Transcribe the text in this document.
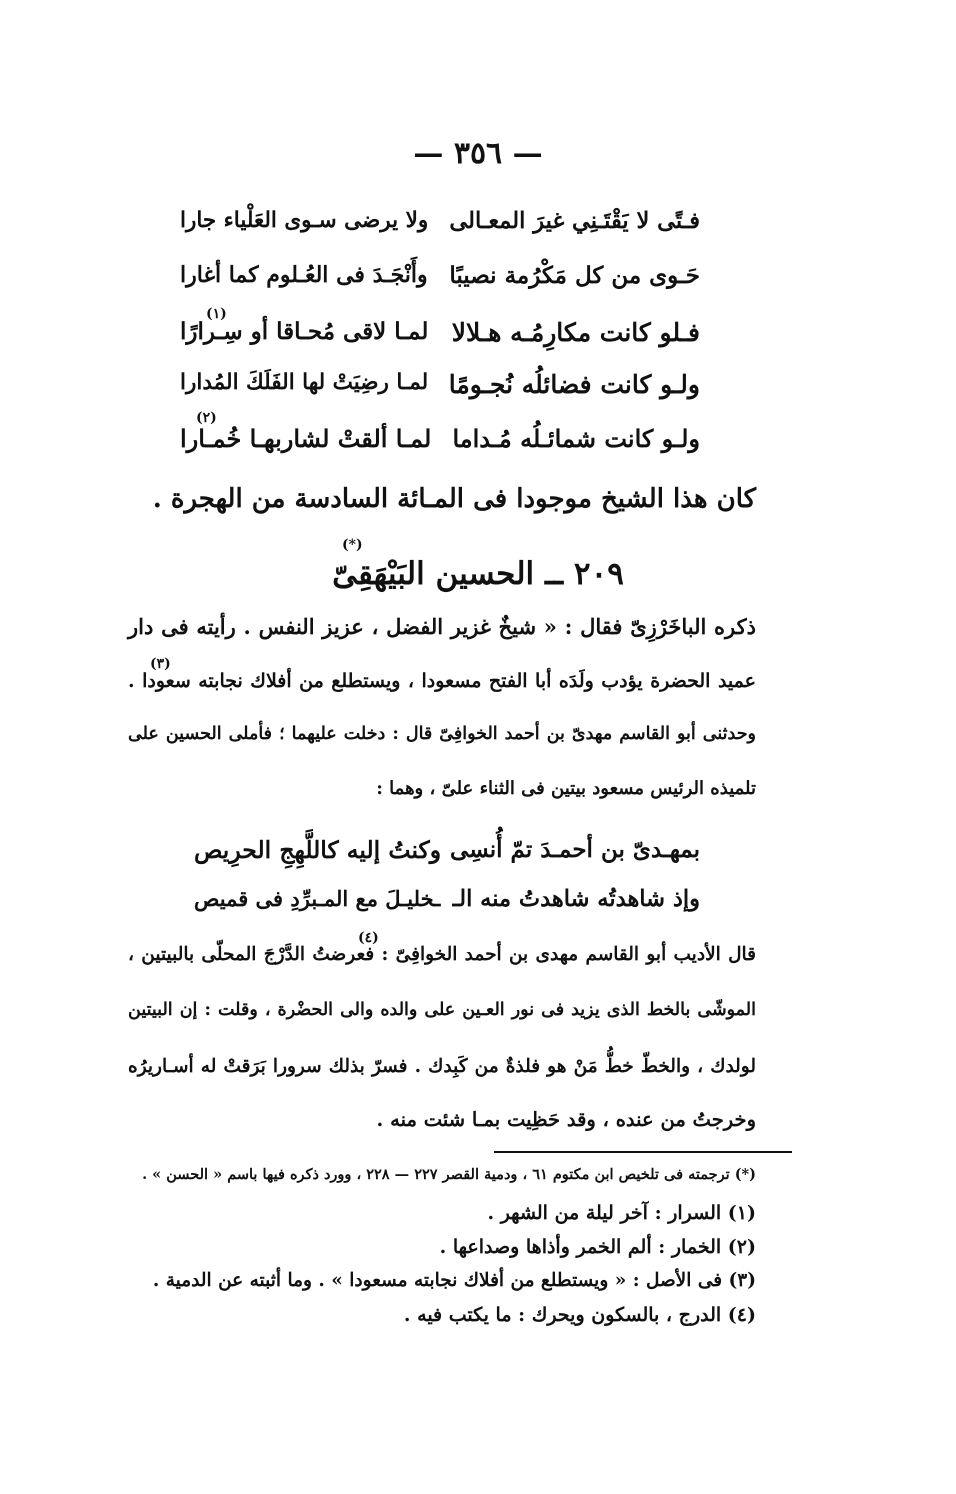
— ٣٥٦ —
فـتًى لا يَقْتَـنِي غيرَ المعـالى
ولا يرضى سـوى العَلْياء جارا
حَـوى من كل مَكْرُمة نصيبًا
وأَنْجَـدَ فى العُـلوم كما أغارا
فـلو كانت مكارِمُـه هـلالا
لمـا لاقى مُحـاقا أو سِـرارًا
ولـو كانت فضائلُه نُجـومًا
لمـا رضِيَتْ لها الفَلَكَ المُدارا
ولـو كانت شمائـلُه مُـداما
لمـا ألقتْ لشاربهـا خُمـارا
(١)
(٢)
كان هذا الشيخ موجودا فى المـائة السادسة من الهجرة .
٢٠٩ ــ الحسين البَيْهَقِىّ
(*)
ذكره الباخَرْزِىّ فقال : « شيخٌ غزير الفضل ، عزيز النفس . رأيته فى دار
عميد الحضرة يؤدب ولَدَه أبا الفتح مسعودا ، ويستطلع من أفلاك نجابته سعودا .
وحدثنى أبو القاسم مهدىّ بن أحمد الخوافِىّ قال : دخلت عليهما ؛ فأملى الحسين على
تلميذه الرئيس مسعود بيتين فى الثناء علىّ ، وهما :
(٣)
بمهـدىّ بن أحمـدَ تمّ أُنسِى
وكنتُ إليه كاللَّهِجِ الحرِيص
وإذ شاهدتُه شاهدتُ منه الـ
ـخليـلَ مع المـبرِّدِ فى قميص
قال الأديب أبو القاسم مهدى بن أحمد الخوافِىّ : فعرضتُ الدَّرْجَ المحلّى بالبيتين ،
الموشّى بالخط الذى يزيد فى نور العـين على والده والى الحضْرة ، وقلت : إن البيتين
لولدك ، والخطّ خطُّ مَنْ هو فلذةٌ من كَبِدك . فسرّ بذلك سرورا بَرَقتْ له أسـاريرُه
وخرجتُ من عنده ، وقد حَظِيت بمـا شئت منه .
(٤)
(*) ترجمته فى تلخيص ابن مكتوم ٦١ ، ودمية القصر ٢٢٧ — ٢٢٨ ، وورد ذكره فيها باسم « الحسن » .
(١) السرار : آخر ليلة من الشهر .
(٢) الخمار : ألم الخمر وأذاها وصداعها .
(٣) فى الأصل : « ويستطلع من أفلاك نجابته مسعودا » . وما أثبته عن الدمية .
(٤) الدرج ، بالسكون ويحرك : ما يكتب فيه .
